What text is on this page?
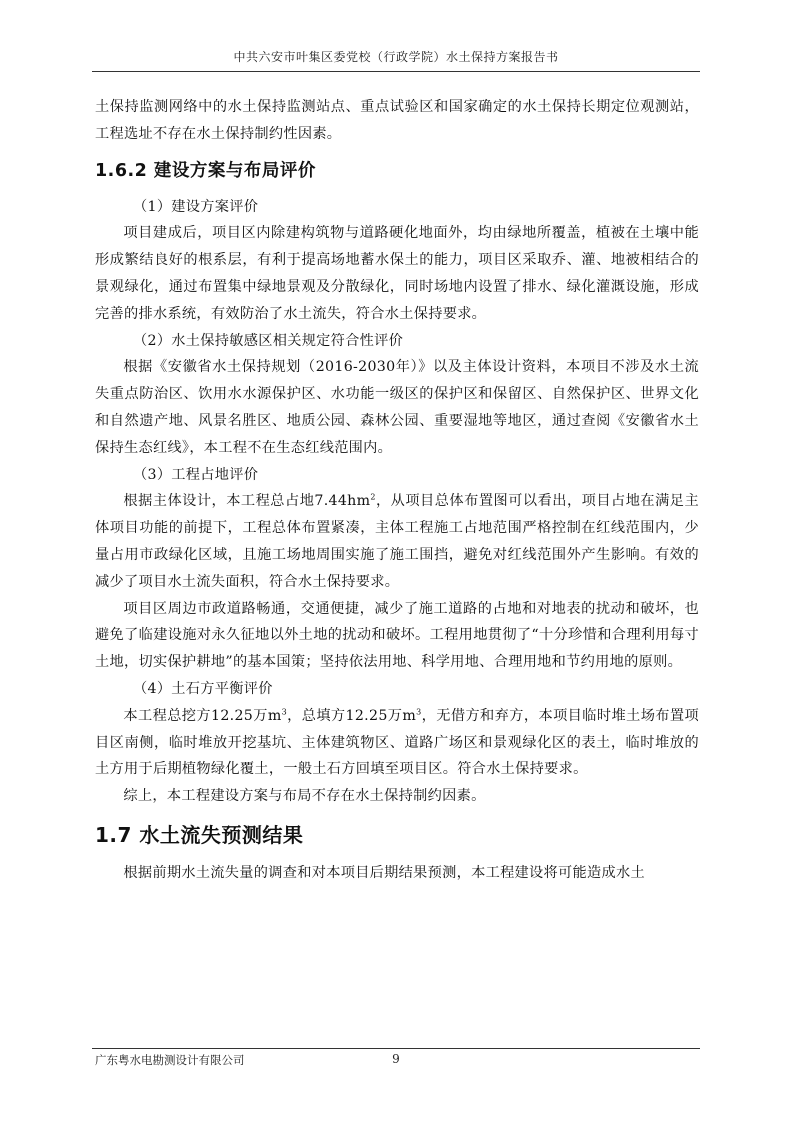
中共六安市叶集区委党校（行政学院）水土保持方案报告书

土保持监测网络中的水土保持监测站点、重点试验区和国家确定的水土保持长期定位观测站，工程选址不存在水土保持制约性因素。

1.6.2 建设方案与布局评价

（1）建设方案评价

项目建成后，项目区内除建构筑物与道路硬化地面外，均由绿地所覆盖，植被在土壤中能形成繁结良好的根系层，有利于提高场地蓄水保土的能力，项目区采取乔、灌、地被相结合的景观绿化，通过布置集中绿地景观及分散绿化，同时场地内设置了排水、绿化灌溉设施，形成完善的排水系统，有效防治了水土流失，符合水土保持要求。

（2）水土保持敏感区相关规定符合性评价

根据《安徽省水土保持规划（2016-2030年）》以及主体设计资料，本项目不涉及水土流失重点防治区、饮用水水源保护区、水功能一级区的保护区和保留区、自然保护区、世界文化和自然遗产地、风景名胜区、地质公园、森林公园、重要湿地等地区，通过查阅《安徽省水土保持生态红线》，本工程不在生态红线范围内。

（3）工程占地评价

根据主体设计，本工程总占地$7.44hm^2$，从项目总体布置图可以看出，项目占地在满足主体项目功能的前提下，工程总体布置紧凑，主体工程施工占地范围严格控制在红线范围内，少量占用市政绿化区域，且施工场地周围实施了施工围挡，避免对红线范围外产生影响。有效的减少了项目水土流失面积，符合水土保持要求。

项目区周边市政道路畅通，交通便捷，减少了施工道路的占地和对地表的扰动和破坏，也避免了临建设施对永久征地以外土地的扰动和破坏。工程用地贯彻了“十分珍惜和合理利用每寸土地，切实保护耕地”的基本国策；坚持依法用地、科学用地、合理用地和节约用地的原则。

（4）土石方平衡评价

本工程总挖方12.25万$m^3$，总填方12.25万$m^3$，无借方和弃方，本项目临时堆土场布置项目区南侧，临时堆放开挖基坑、主体建筑物区、道路广场区和景观绿化区的表土，临时堆放的土方用于后期植物绿化覆土，一般土石方回填至项目区。符合水土保持要求。

综上，本工程建设方案与布局不存在水土保持制约因素。

1.7 水土流失预测结果

根据前期水土流失量的调查和对本项目后期结果预测，本工程建设将可能造成水土

广东粤水电勘测设计有限公司	9
